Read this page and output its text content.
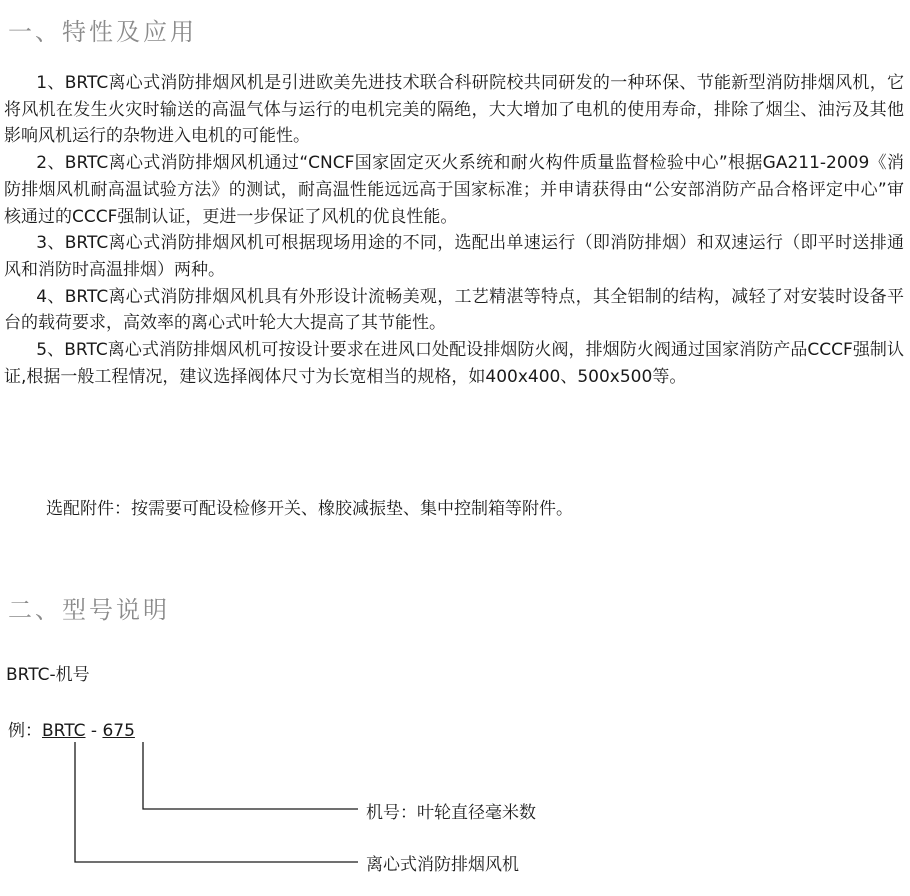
一、特性及应用

1、BRTC离心式消防排烟风机是引进欧美先进技术联合科研院校共同研发的一种环保、节能新型消防排烟风机，它将风机在发生火灾时输送的高温气体与运行的电机完美的隔绝，大大增加了电机的使用寿命，排除了烟尘、油污及其他影响风机运行的杂物进入电机的可能性。

2、BRTC离心式消防排烟风机通过“CNCF国家固定灭火系统和耐火构件质量监督检验中心”根据GA211-2009《消防排烟风机耐高温试验方法》的测试，耐高温性能远远高于国家标准；并申请获得由“公安部消防产品合格评定中心”审核通过的CCCF强制认证，更进一步保证了风机的优良性能。

3、BRTC离心式消防排烟风机可根据现场用途的不同，选配出单速运行（即消防排烟）和双速运行（即平时送排通风和消防时高温排烟）两种。

4、BRTC离心式消防排烟风机具有外形设计流畅美观，工艺精湛等特点，其全铝制的结构，减轻了对安装时设备平台的载荷要求，高效率的离心式叶轮大大提高了其节能性。

5、BRTC离心式消防排烟风机可按设计要求在进风口处配设排烟防火阀，排烟防火阀通过国家消防产品CCCF强制认证,根据一般工程情况，建议选择阀体尺寸为长宽相当的规格，如400x400、500x500等。

选配附件：按需要可配设检修开关、橡胶减振垫、集中控制箱等附件。

二、型号说明

BRTC-机号

例：BRTC - 675

机号：叶轮直径毫米数

离心式消防排烟风机
